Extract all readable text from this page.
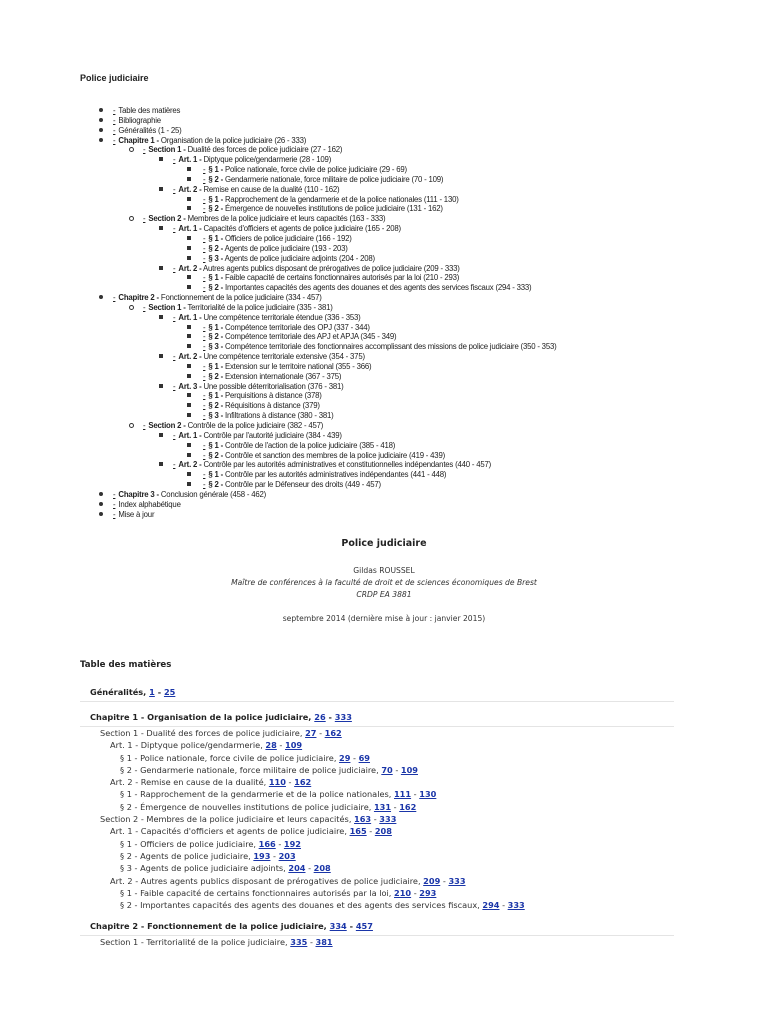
Police judiciaire
- Table des matières
- Bibliographie
- Généralités (1 - 25)
- Chapitre 1 - Organisation de la police judiciaire (26 - 333)
- Section 1 - Dualité des forces de police judiciaire (27 - 162)
- Art. 1 - Diptyque police/gendarmerie (28 - 109)
- § 1 - Police nationale, force civile de police judiciaire (29 - 69)
- § 2 - Gendarmerie nationale, force militaire de police judiciaire (70 - 109)
- Art. 2 - Remise en cause de la dualité (110 - 162)
- § 1 - Rapprochement de la gendarmerie et de la police nationales (111 - 130)
- § 2 - Émergence de nouvelles institutions de police judiciaire (131 - 162)
- Section 2 - Membres de la police judiciaire et leurs capacités (163 - 333)
- Art. 1 - Capacités d'officiers et agents de police judiciaire (165 - 208)
- § 1 - Officiers de police judiciaire (166 - 192)
- § 2 - Agents de police judiciaire (193 - 203)
- § 3 - Agents de police judiciaire adjoints (204 - 208)
- Art. 2 - Autres agents publics disposant de prérogatives de police judiciaire (209 - 333)
- § 1 - Faible capacité de certains fonctionnaires autorisés par la loi (210 - 293)
- § 2 - Importantes capacités des agents des douanes et des agents des services fiscaux (294 - 333)
- Chapitre 2 - Fonctionnement de la police judiciaire (334 - 457)
- Section 1 - Territorialité de la police judiciaire (335 - 381)
- Art. 1 - Une compétence territoriale étendue (336 - 353)
- § 1 - Compétence territoriale des OPJ (337 - 344)
- § 2 - Compétence territoriale des APJ et APJA (345 - 349)
- § 3 - Compétence territoriale des fonctionnaires accomplissant des missions de police judiciaire (350 - 353)
- Art. 2 - Une compétence territoriale extensive (354 - 375)
- § 1 - Extension sur le territoire national (355 - 366)
- § 2 - Extension internationale (367 - 375)
- Art. 3 - Une possible déterritorialisation (376 - 381)
- § 1 - Perquisitions à distance (378)
- § 2 - Réquisitions à distance (379)
- § 3 - Infiltrations à distance (380 - 381)
- Section 2 - Contrôle de la police judiciaire (382 - 457)
- Art. 1 - Contrôle par l'autorité judiciaire (384 - 439)
- § 1 - Contrôle de l'action de la police judiciaire (385 - 418)
- § 2 - Contrôle et sanction des membres de la police judiciaire (419 - 439)
- Art. 2 - Contrôle par les autorités administratives et constitutionnelles indépendantes (440 - 457)
- § 1 - Contrôle par les autorités administratives indépendantes (441 - 448)
- § 2 - Contrôle par le Défenseur des droits (449 - 457)
- Chapitre 3 - Conclusion générale (458 - 462)
- Index alphabétique
- Mise à jour
Police judiciaire
Gildas ROUSSEL
Maître de conférences à la faculté de droit et de sciences économiques de Brest
CRDP EA 3881
septembre 2014 (dernière mise à jour : janvier 2015)
Table des matières
Généralités, 1 - 25
Chapitre 1 - Organisation de la police judiciaire, 26 - 333
Section 1 - Dualité des forces de police judiciaire, 27 - 162
Art. 1 - Diptyque police/gendarmerie, 28 - 109
§ 1 - Police nationale, force civile de police judiciaire, 29 - 69
§ 2 - Gendarmerie nationale, force militaire de police judiciaire, 70 - 109
Art. 2 - Remise en cause de la dualité, 110 - 162
§ 1 - Rapprochement de la gendarmerie et de la police nationales, 111 - 130
§ 2 - Émergence de nouvelles institutions de police judiciaire, 131 - 162
Section 2 - Membres de la police judiciaire et leurs capacités, 163 - 333
Art. 1 - Capacités d'officiers et agents de police judiciaire, 165 - 208
§ 1 - Officiers de police judiciaire, 166 - 192
§ 2 - Agents de police judiciaire, 193 - 203
§ 3 - Agents de police judiciaire adjoints, 204 - 208
Art. 2 - Autres agents publics disposant de prérogatives de police judiciaire, 209 - 333
§ 1 - Faible capacité de certains fonctionnaires autorisés par la loi, 210 - 293
§ 2 - Importantes capacités des agents des douanes et des agents des services fiscaux, 294 - 333
Chapitre 2 - Fonctionnement de la police judiciaire, 334 - 457
Section 1 - Territorialité de la police judiciaire, 335 - 381
